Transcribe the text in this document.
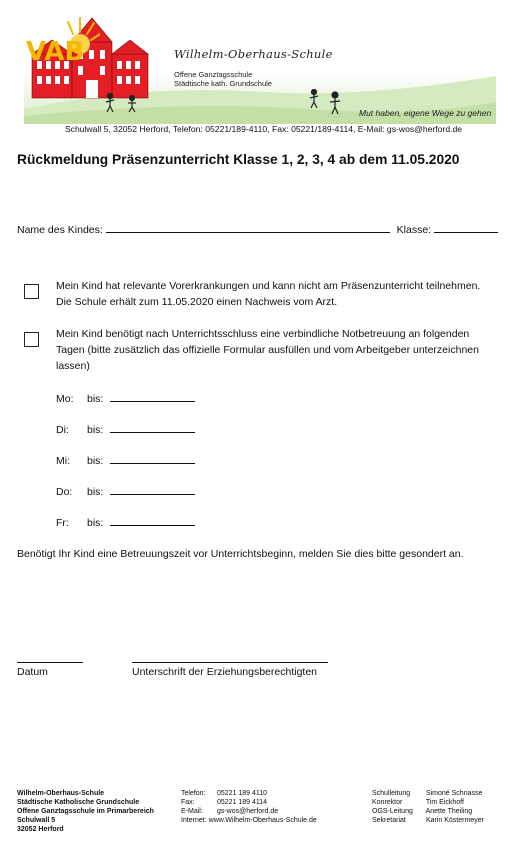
Wilhelm-Oberhaus-Schule
Offene Ganztagsschule
Städtische kath. Grundschule
Mut haben, eigene Wege zu gehen
VAB
Schulwall 5, 32052 Herford, Telefon: 05221/189-4110, Fax: 05221/189-4114, E-Mail: gs-wos@herford.de
Rückmeldung Präsenzunterricht Klasse 1, 2, 3, 4 ab dem 11.05.2020
Name des Kindes:	Klasse:
Mein Kind hat relevante Vorerkrankungen und kann nicht am Präsenzunterricht teilnehmen. Die Schule erhält zum 11.05.2020 einen Nachweis vom Arzt.
Mein Kind benötigt nach Unterrichtsschluss eine verbindliche Notbetreuung an folgenden Tagen (bitte zusätzlich das offizielle Formular ausfüllen und vom Arbeitgeber unterzeichnen lassen)
Mo: bis:
Di: bis:
Mi: bis:
Do: bis:
Fr: bis:
Benötigt Ihr Kind eine Betreuungszeit vor Unterrichtsbeginn, melden Sie dies bitte gesondert an.
Datum	Unterschrift der Erziehungsberechtigten
Wilhelm-Oberhaus-Schule
Städtische Katholische Grundschule
Offene Ganztagsschule im Primarbereich
Schulwall 5
32052 Herford
Telefon: 05221 189 4110
Fax:	05221 189 4114
E-Mail: gs-wos@herford.de
Internet: www.Wilhelm-Oberhaus-Schule.de
Schulleitung Simoné Schnasse
Konrektor	Tim Eickhoff
OGS-Leitung Anette Theiling
Sekretariat	Karin Köstermeyer
